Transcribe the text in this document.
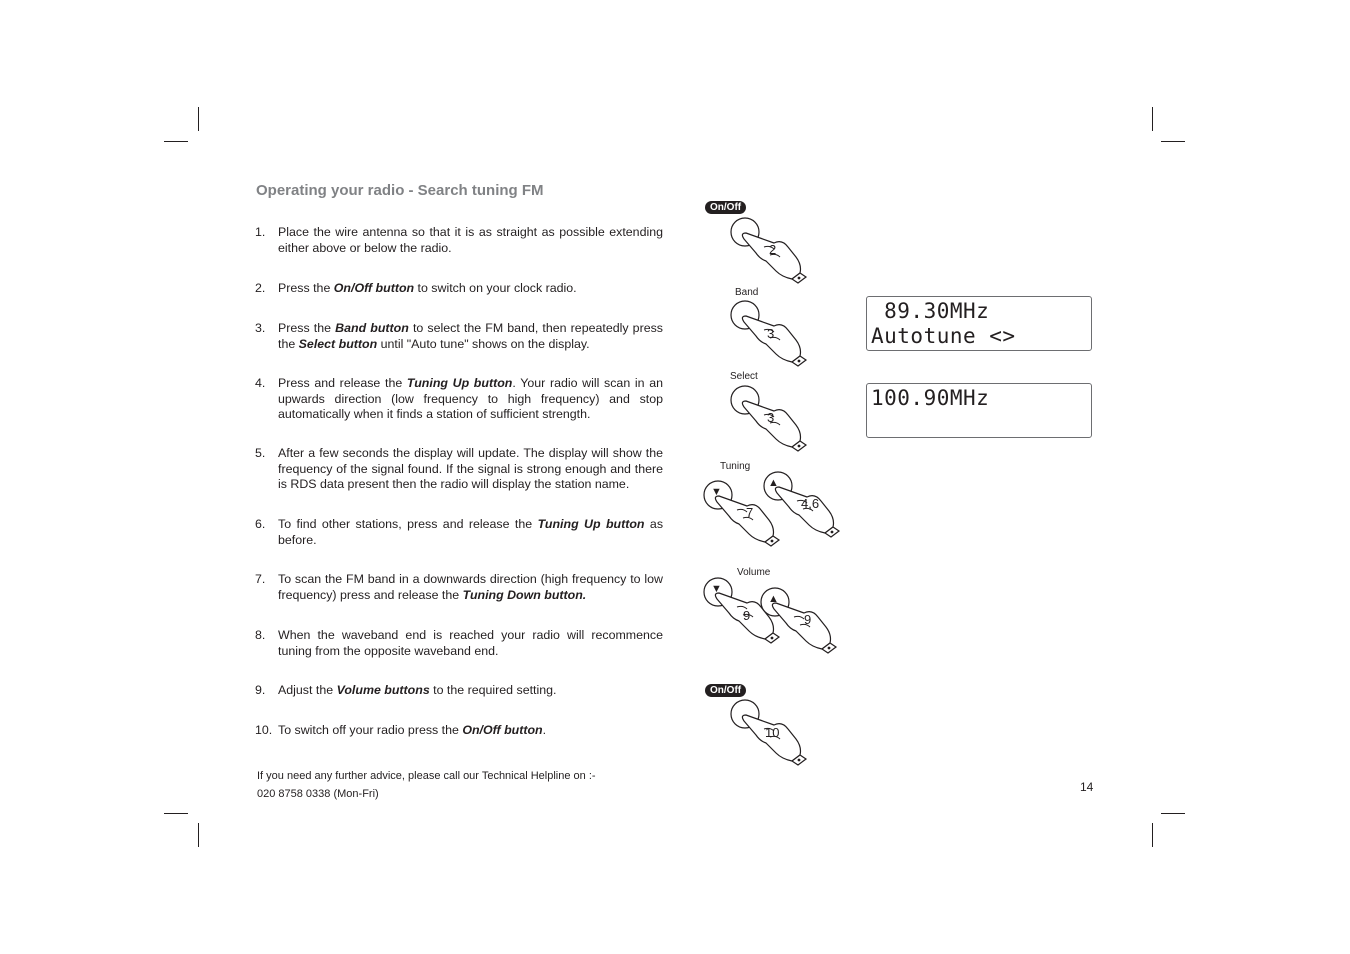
Operating your radio - Search tuning FM
1. Place the wire antenna so that it is as straight as possible extending either above or below the radio.
2. Press the On/Off button to switch on your clock radio.
3. Press the Band button to select the FM band, then repeatedly press the Select button until "Auto tune" shows on the display.
4. Press and release the Tuning Up button. Your radio will scan in an upwards direction (low frequency to high frequency) and stop automatically when it finds a station of sufficient strength.
5. After a few seconds the display will update. The display will show the frequency of the signal found. If the signal is strong enough and there is RDS data present then the radio will display the station name.
6. To find other stations, press and release the Tuning Up button as before.
7. To scan the FM band in a downwards direction (high frequency to low frequency) press and release the Tuning Down button.
8. When the waveband end is reached your radio will recommence tuning from the opposite waveband end.
9. Adjust the Volume buttons to the required setting.
10. To switch off your radio press the On/Off button.
If you need any further advice, please call our Technical Helpline on :-
020 8758 0338 (Mon-Fri)	14
On/Off
2
Band
3
Select
3
Tuning
▼
▲
7
4,6
Volume
▼
▲
9	9
On/Off
10
89.30MHz
Autotune <>
100.90MHz
